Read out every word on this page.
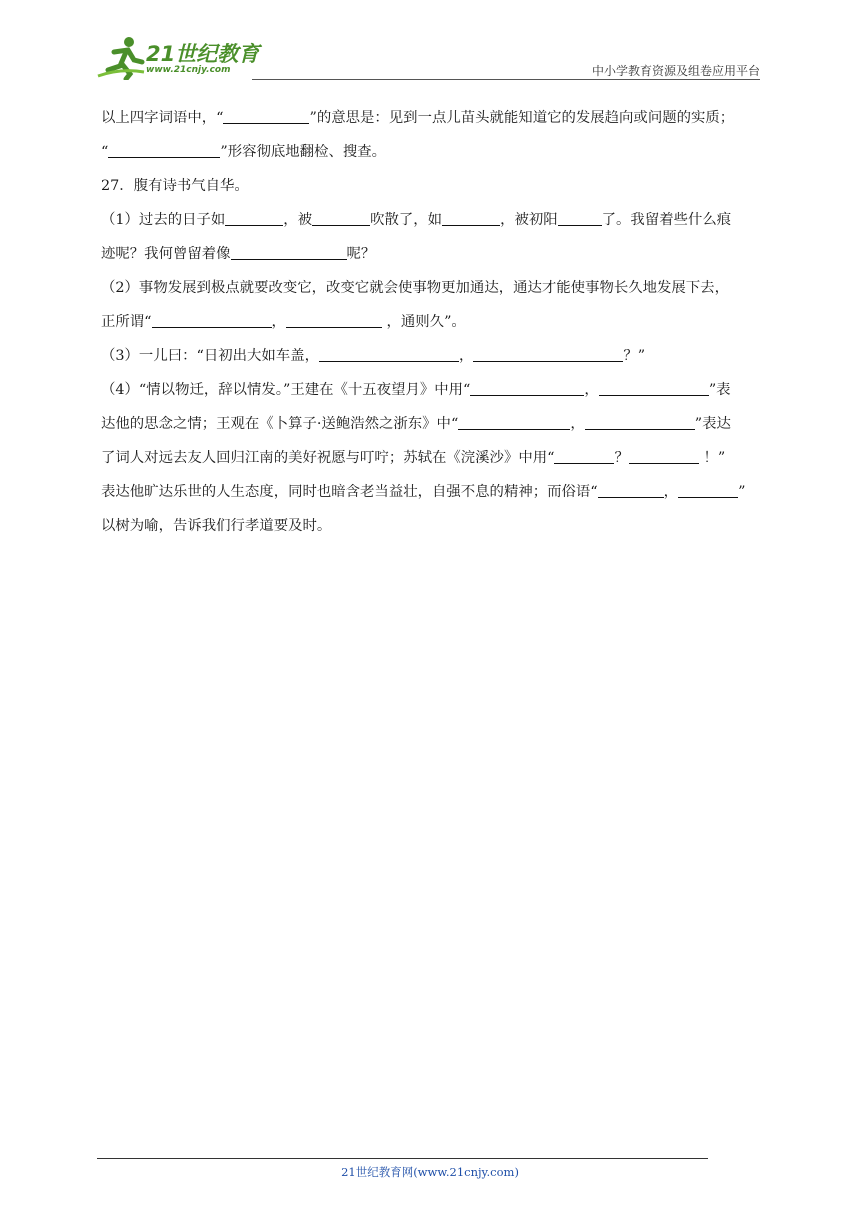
21世纪教育
www.21cnjy.com	中小学教育资源及组卷应用平台
以上四字词语中，“	”的意思是：见到一点儿苗头就能知道它的发展趋向或问题的实质；
“	”形容彻底地翻检、搜查。
27．腹有诗书气自华。
（1）过去的日子如	，被	吹散了，如	，被初阳	了。我留着些什么痕
迹呢？我何曾留着像	呢？
（2）事物发展到极点就要改变它，改变它就会使事物更加通达，通达才能使事物长久地发展下去，
正所谓“	，	，通则久”。
（3）一儿曰：“日初出大如车盖，	，	？”
（4）“情以物迁，辞以情发。”王建在《十五夜望月》中用“	，	”表
达他的思念之情；王观在《卜算子·送鲍浩然之浙东》中“	，	”表达
了词人对远去友人回归江南的美好祝愿与叮咛；苏轼在《浣溪沙》中用“	？	！”
表达他旷达乐世的人生态度，同时也暗含老当益壮，自强不息的精神；而俗语“	，	”
以树为喻，告诉我们行孝道要及时。
21世纪教育网(www.21cnjy.com)
